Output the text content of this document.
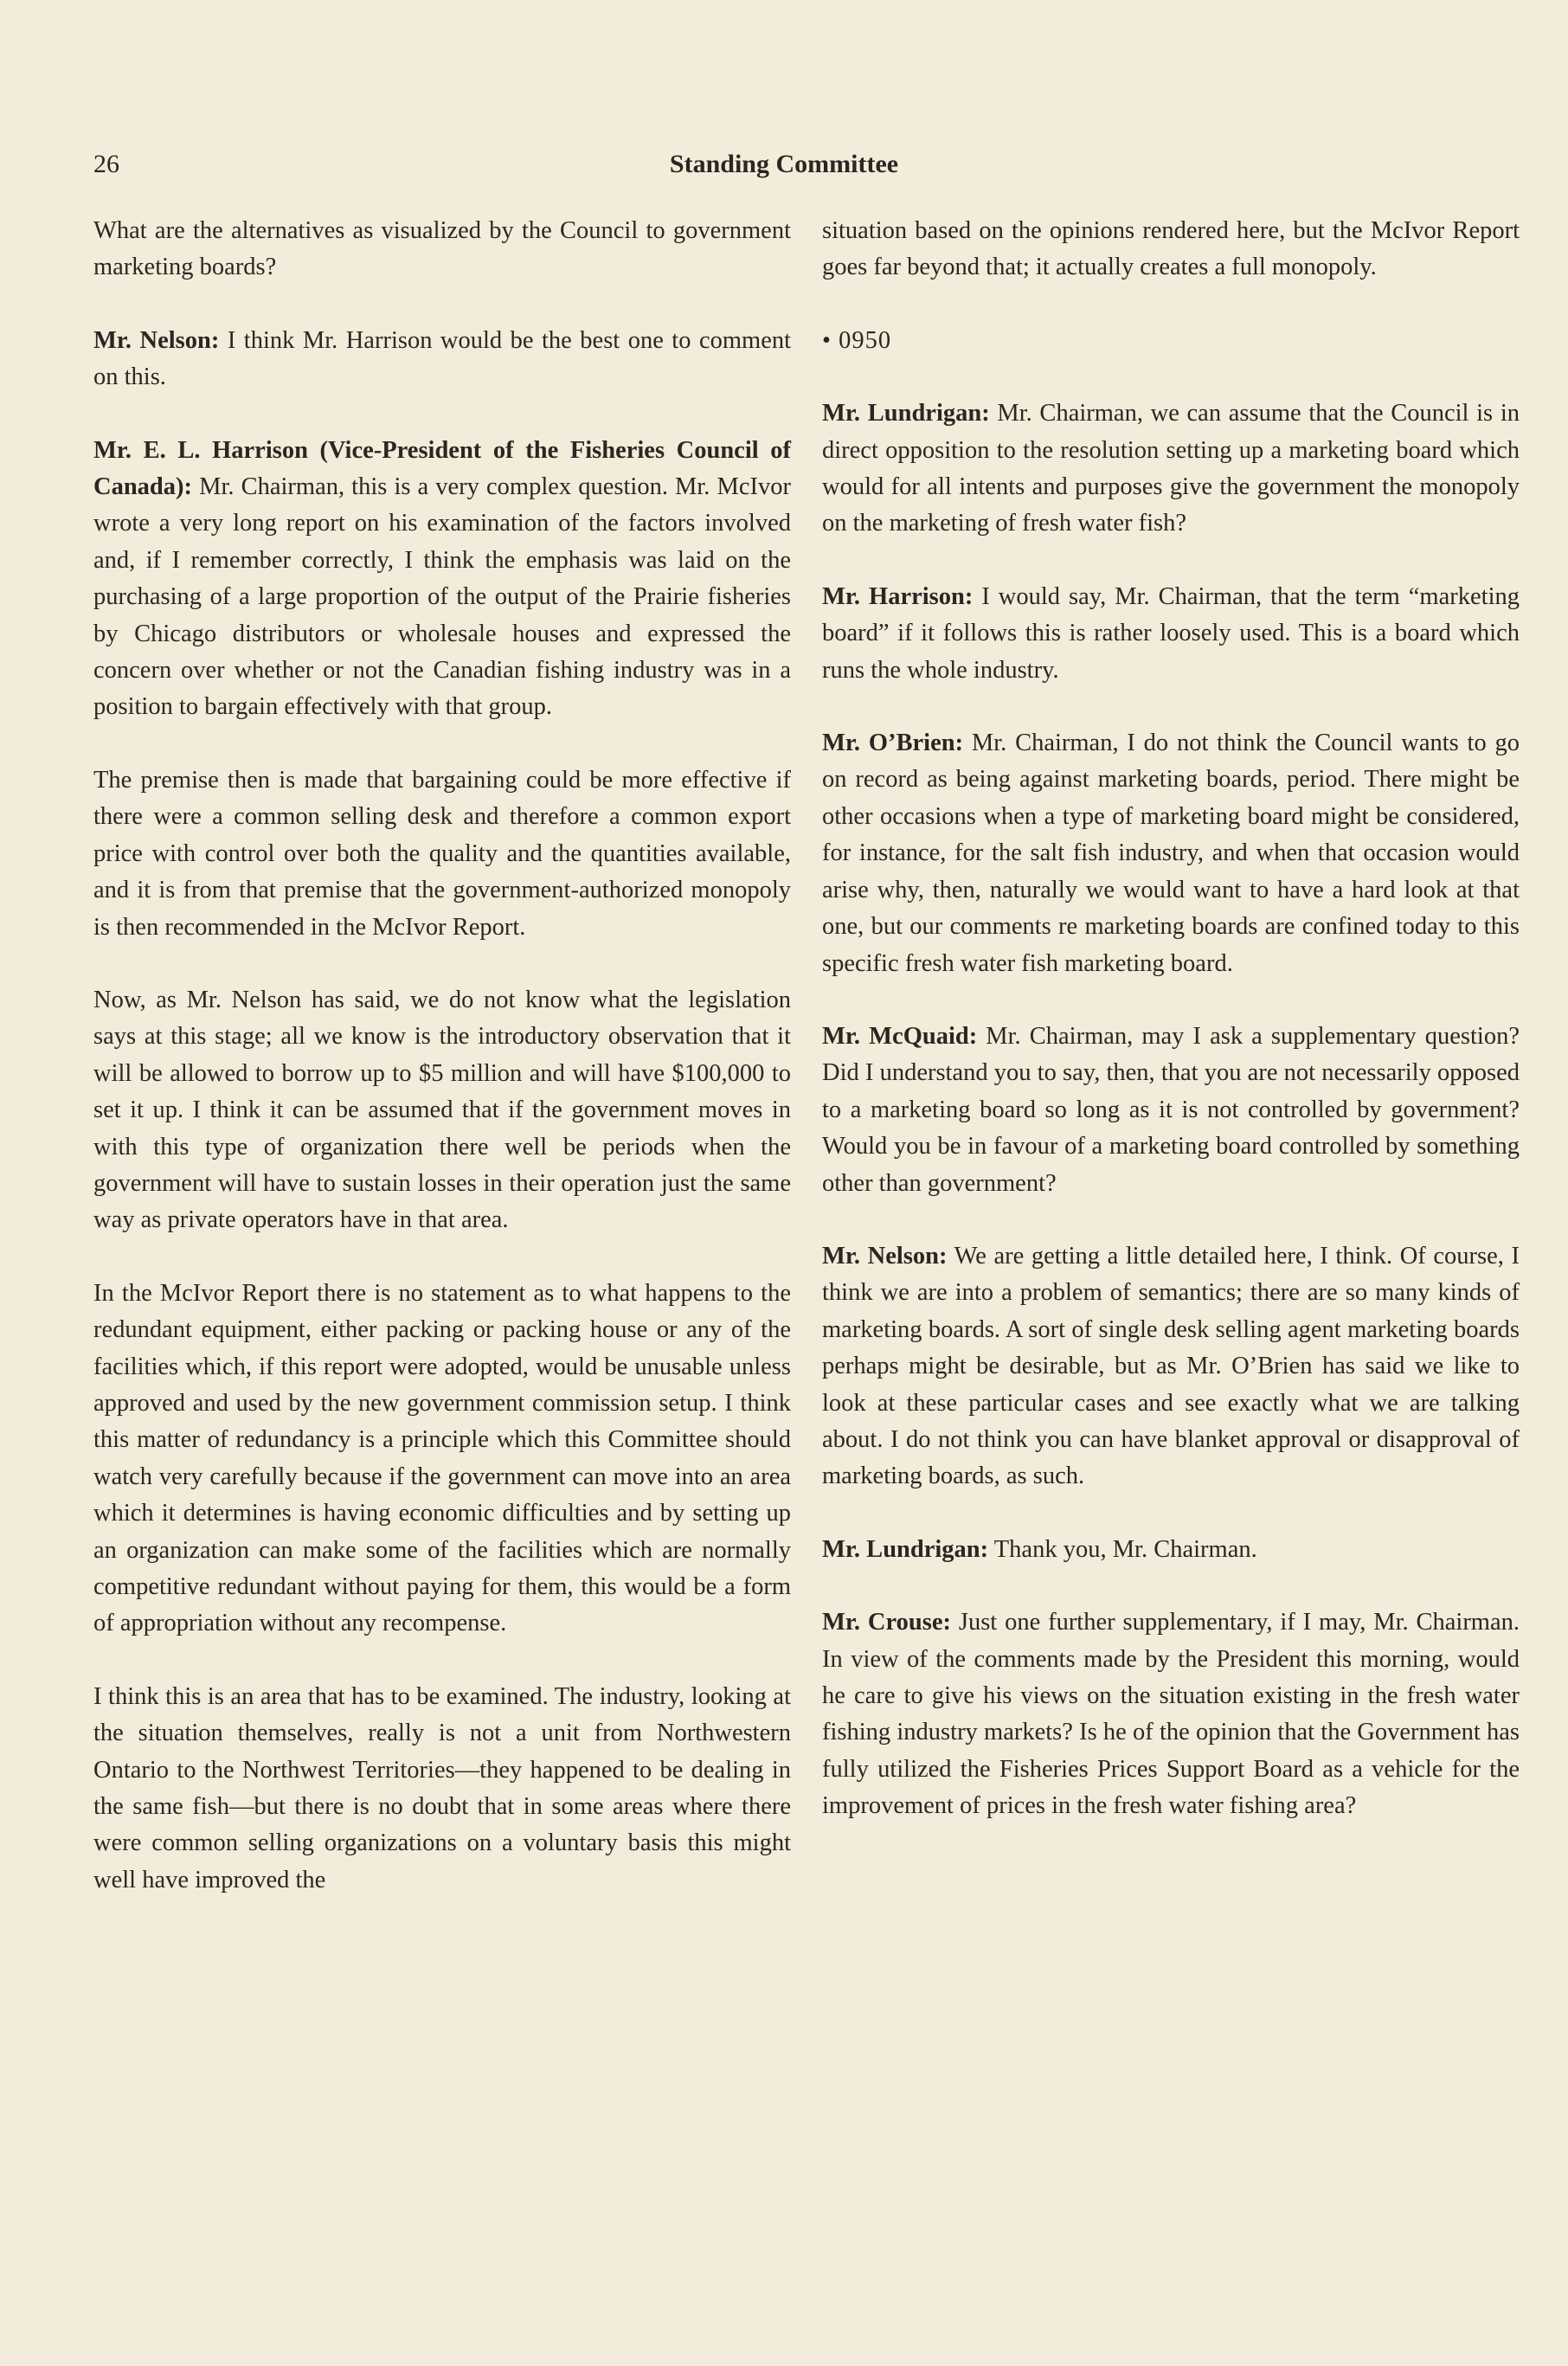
26	Standing Committee

What are the alternatives as visualized by the Council to government marketing boards?

Mr. Nelson: I think Mr. Harrison would be the best one to comment on this.

Mr. E. L. Harrison (Vice-President of the Fisheries Council of Canada): Mr. Chairman, this is a very complex question. Mr. McIvor wrote a very long report on his examination of the factors involved and, if I remember correctly, I think the emphasis was laid on the purchasing of a large proportion of the output of the Prairie fisheries by Chicago distributors or wholesale houses and expressed the concern over whether or not the Canadian fishing industry was in a position to bargain effectively with that group.

The premise then is made that bargaining could be more effective if there were a common selling desk and therefore a common export price with control over both the quality and the quantities available, and it is from that premise that the government-authorized monopoly is then recommended in the McIvor Report.

Now, as Mr. Nelson has said, we do not know what the legislation says at this stage; all we know is the introductory observation that it will be allowed to borrow up to $5 million and will have $100,000 to set it up. I think it can be assumed that if the government moves in with this type of organization there well be periods when the government will have to sustain losses in their operation just the same way as private operators have in that area.

In the McIvor Report there is no statement as to what happens to the redundant equipment, either packing or packing house or any of the facilities which, if this report were adopted, would be unusable unless approved and used by the new government commission setup. I think this matter of redundancy is a principle which this Committee should watch very carefully because if the government can move into an area which it determines is having economic difficulties and by setting up an organization can make some of the facilities which are normally competitive redundant without paying for them, this would be a form of appropriation without any recompense.

I think this is an area that has to be examined. The industry, looking at the situation themselves, really is not a unit from Northwestern Ontario to the Northwest Territories—they happened to be dealing in the same fish—but there is no doubt that in some areas where there were common selling organizations on a voluntary basis this might well have improved the

situation based on the opinions rendered here, but the McIvor Report goes far beyond that; it actually creates a full monopoly.

• 0950

Mr. Lundrigan: Mr. Chairman, we can assume that the Council is in direct opposition to the resolution setting up a marketing board which would for all intents and purposes give the government the monopoly on the marketing of fresh water fish?

Mr. Harrison: I would say, Mr. Chairman, that the term “marketing board” if it follows this is rather loosely used. This is a board which runs the whole industry.

Mr. O’Brien: Mr. Chairman, I do not think the Council wants to go on record as being against marketing boards, period. There might be other occasions when a type of marketing board might be considered, for instance, for the salt fish industry, and when that occasion would arise why, then, naturally we would want to have a hard look at that one, but our comments re marketing boards are confined today to this specific fresh water fish marketing board.

Mr. McQuaid: Mr. Chairman, may I ask a supplementary question? Did I understand you to say, then, that you are not necessarily opposed to a marketing board so long as it is not controlled by government? Would you be in favour of a marketing board controlled by something other than government?

Mr. Nelson: We are getting a little detailed here, I think. Of course, I think we are into a problem of semantics; there are so many kinds of marketing boards. A sort of single desk selling agent marketing boards perhaps might be desirable, but as Mr. O’Brien has said we like to look at these particular cases and see exactly what we are talking about. I do not think you can have blanket approval or disapproval of marketing boards, as such.

Mr. Lundrigan: Thank you, Mr. Chairman.

Mr. Crouse: Just one further supplementary, if I may, Mr. Chairman. In view of the comments made by the President this morning, would he care to give his views on the situation existing in the fresh water fishing industry markets? Is he of the opinion that the Government has fully utilized the Fisheries Prices Support Board as a vehicle for the improvement of prices in the fresh water fishing area?
